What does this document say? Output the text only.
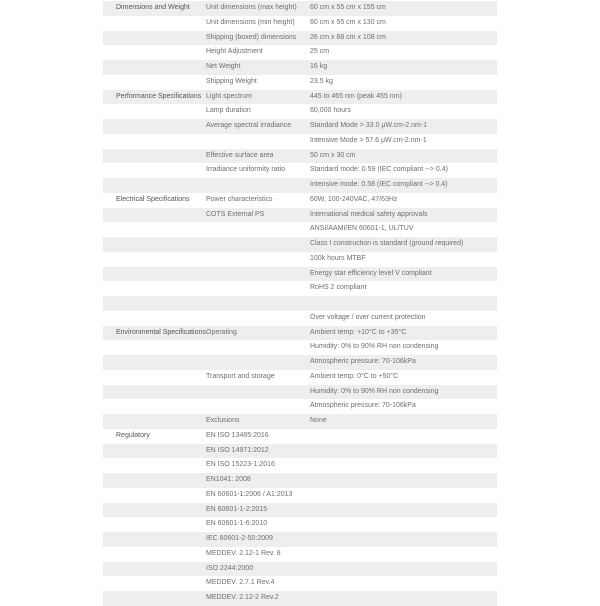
Dimensions and Weight	Unit dimensions (max height)	60 cm x 55 cm x 155 cm
	Unit dimensions (min height)	60 cm x 55 cm x 130 cm
	Shipping (boxed) dimensions	26 cm x 68 cm x 108 cm
	Height Adjustment	25 cm
	Net Weight	16 kg
	Shipping Weight	23.5 kg
Performance Specifications	Light spectrum	445 to 465 nm (peak 455 nm)
	Lamp duration	60,000 hours
	Average spectral irradiance	Standard Mode > 33.0 μW.cm-2.nm-1
		Intensive Mode > 57.6 μW.cm-2.nm-1
	Effective surface area	50 cm x 30 cm
	Irradiance uniformity ratio	Standard mode: 0.59 (IEC compliant --> 0.4)
		Intensive mode: 0.58 (IEC compliant --> 0.4)
Electrical Specifications	Power characteristics	60W, 100-240VAC, 47/63Hz
	COTS External PS	International medical safety approvals
		ANSI/AAMI/EN 60601-1, UL/TUV
		Class I construction is standard (ground required)
		100k hours MTBF
		Energy star efficiency level V compliant
		RoHS 2 compliant

		Over voltage / over current protection
Environmental Specifications	Operating	Ambient temp: +10°C to +35°C
		Humidity: 0% to 90% RH non condensing
		Atmospheric pressure: 70-106kPa
	Transport and storage	Ambient temp: 0°C to +50°C
		Humidity: 0% to 90% RH non condensing
		Atmospheric pressure: 70-106kPa
	Exclusions	None
Regulatory	EN ISO 13485:2016	
	EN ISO 14971:2012	
	EN ISO 15223-1:2016	
	EN1041: 2008	
	EN 60601-1:2006 / A1:2013	
	EN 60601-1-2:2015	
	EN 60601-1-6:2010	
	IEC 60601-2-50:2009	
	MEDDEV. 2.12-1 Rev. 8	
	ISO 2244:2000	
	MEDDEV. 2.7.1 Rev.4	
	MEDDEV. 2.12-2 Rev.2	
